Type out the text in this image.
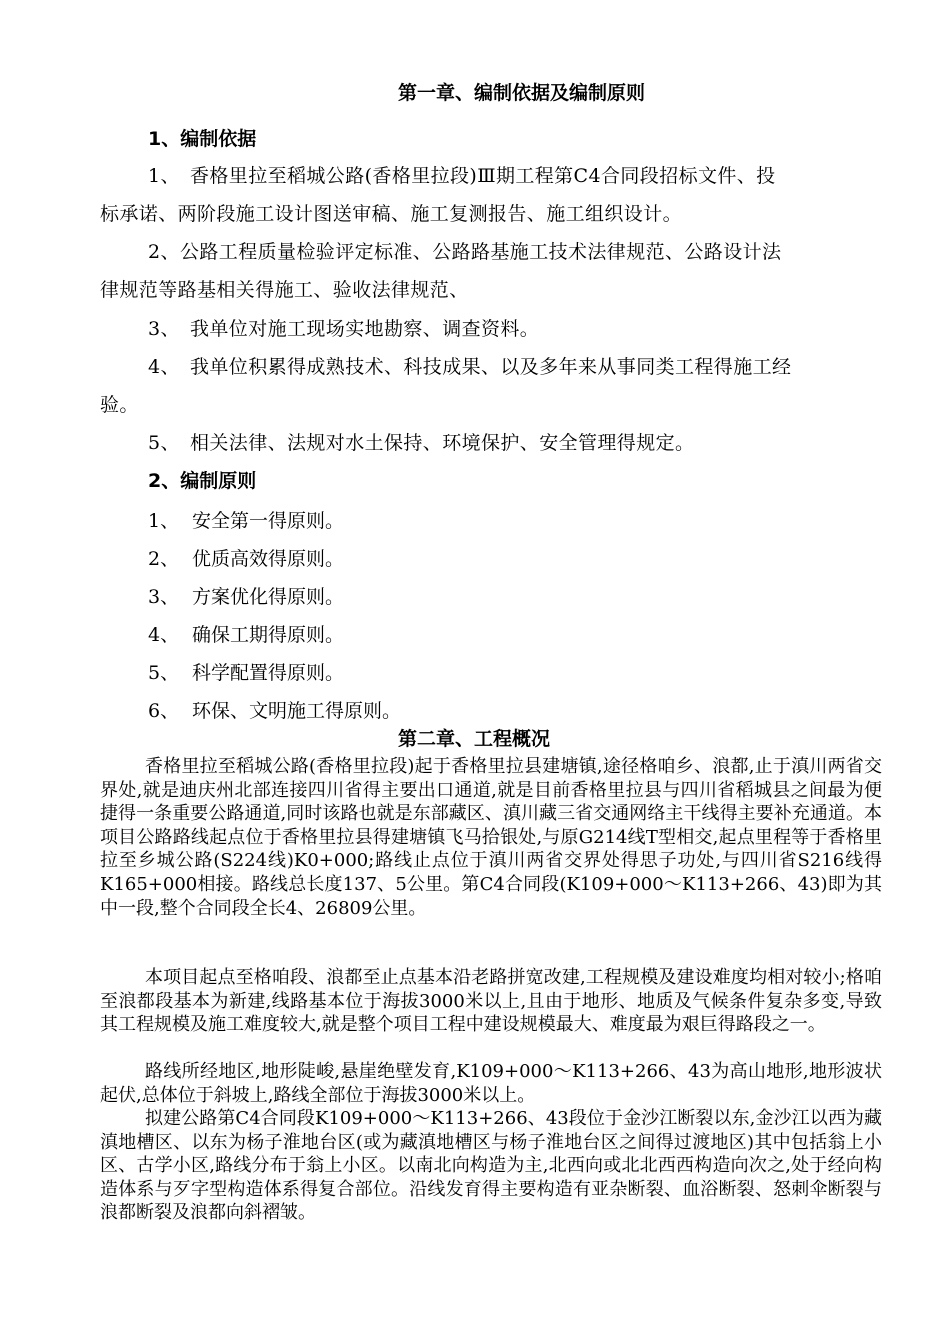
第一章、编制依据及编制原则
1、编制依据
1、 香格里拉至稻城公路(香格里拉段)Ⅲ期工程第C4合同段招标文件、投
标承诺、两阶段施工设计图送审稿、施工复测报告、施工组织设计。
2、 公路工程质量检验评定标准、公路路基施工技术法律规范、公路设计法
律规范等路基相关得施工、验收法律规范、
3、 我单位对施工现场实地勘察、调查资料。
4、 我单位积累得成熟技术、科技成果、以及多年来从事同类工程得施工经
验。
5、 相关法律、法规对水土保持、环境保护、安全管理得规定。
2、编制原则
1、 安全第一得原则。
2、 优质高效得原则。
3、 方案优化得原则。
4、 确保工期得原则。
5、 科学配置得原则。
6、 环保、文明施工得原则。
第二章、工程概况
香格里拉至稻城公路(香格里拉段)起于香格里拉县建塘镇,途径格咱乡、浪都,止于滇川两省交界处,就是迪庆州北部连接四川省得主要出口通道,就是目前香格里拉县与四川省稻城县之间最为便捷得一条重要公路通道,同时该路也就是东部藏区、滇川藏三省交通网络主干线得主要补充通道。本项目公路路线起点位于香格里拉县得建塘镇飞马拾银处,与原G214线T型相交,起点里程等于香格里拉至乡城公路(S224线)K0+000;路线止点位于滇川两省交界处得思子功处,与四川省S216线得K165+000相接。路线总长度137、5公里。第C4合同段(K109+000～K113+266、43)即为其中一段,整个合同段全长4、26809公里。
本项目起点至格咱段、浪都至止点基本沿老路拼宽改建,工程规模及建设难度均相对较小;格咱至浪都段基本为新建,线路基本位于海拔3000米以上,且由于地形、地质及气候条件复杂多变,导致其工程规模及施工难度较大,就是整个项目工程中建设规模最大、难度最为艰巨得路段之一。
路线所经地区,地形陡峻,悬崖绝壁发育,K109+000～K113+266、43为高山地形,地形波状起伏,总体位于斜坡上,路线全部位于海拔3000米以上。
拟建公路第C4合同段K109+000～K113+266、43段位于金沙江断裂以东,金沙江以西为藏滇地槽区、以东为杨子淮地台区(或为藏滇地槽区与杨子淮地台区之间得过渡地区)其中包括翁上小区、古学小区,路线分布于翁上小区。以南北向构造为主,北西向或北北西西构造向次之,处于经向构造体系与歹字型构造体系得复合部位。沿线发育得主要构造有亚杂断裂、血浴断裂、怒刺伞断裂与浪都断裂及浪都向斜褶皱。
